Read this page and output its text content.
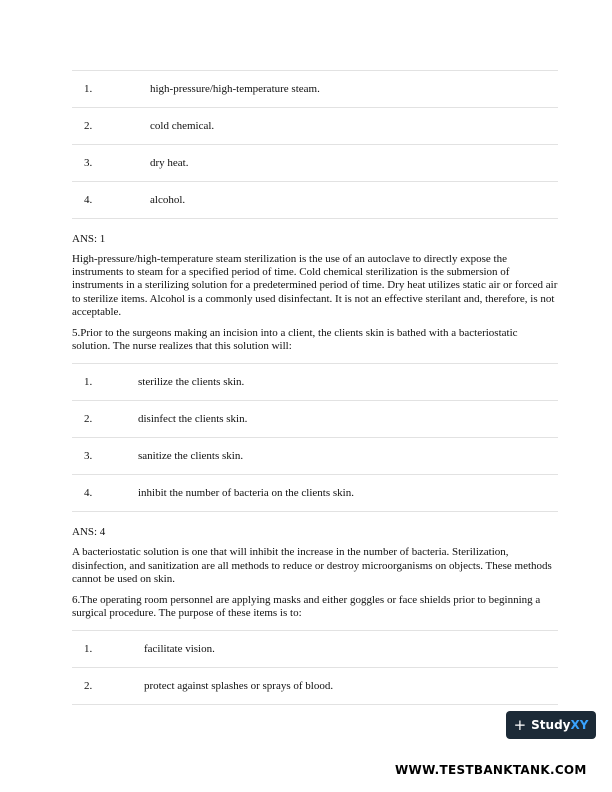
1.	high-pressure/high-temperature steam.
2.	cold chemical.
3.	dry heat.
4.	alcohol.

ANS: 1

High-pressure/high-temperature steam sterilization is the use of an autoclave to directly expose the instruments to steam for a specified period of time. Cold chemical sterilization is the submersion of instruments in a sterilizing solution for a predetermined period of time. Dry heat utilizes static air or forced air to sterilize items. Alcohol is a commonly used disinfectant. It is not an effective sterilant and, therefore, is not acceptable.

5.Prior to the surgeons making an incision into a client, the clients skin is bathed with a bacteriostatic solution. The nurse realizes that this solution will:

1.	sterilize the clients skin.
2.	disinfect the clients skin.
3.	sanitize the clients skin.
4.	inhibit the number of bacteria on the clients skin.

ANS: 4

A bacteriostatic solution is one that will inhibit the increase in the number of bacteria. Sterilization, disinfection, and sanitization are all methods to reduce or destroy microorganisms on objects. These methods cannot be used on skin.

6.The operating room personnel are applying masks and either goggles or face shields prior to beginning a surgical procedure. The purpose of these items is to:

1.	facilitate vision.
2.	protect against splashes or sprays of blood.
+ Study XY
WWW.TESTBANKTANK.COM
